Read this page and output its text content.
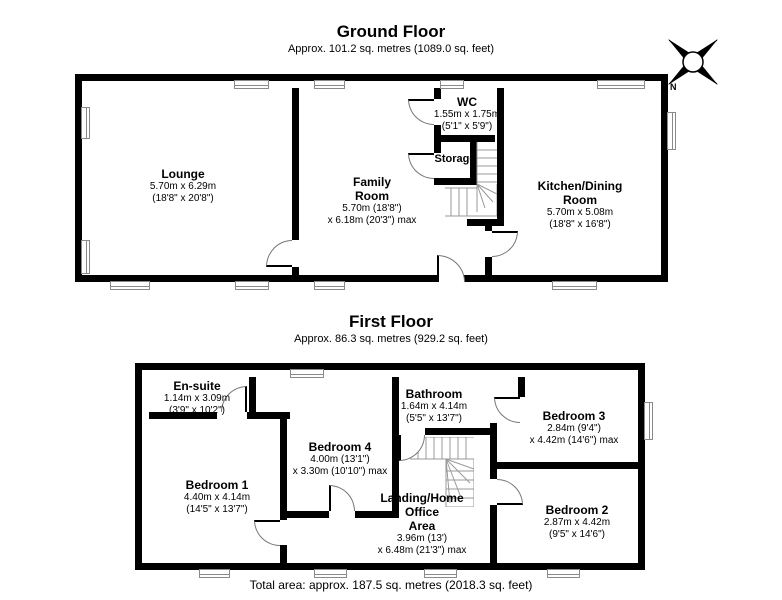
Ground Floor
Approx. 101.2 sq. metres (1089.0 sq. feet)
First Floor
Approx. 86.3 sq. metres (929.2 sq. feet)
N
Lounge
5.70m x 6.29m
(18'8" x 20'8")
Family
Room
5.70m (18'8")
x 6.18m (20'3") max
WC
1.55m x 1.75m
(5'1" x 5'9")
Storage
Kitchen/Dining
Room
5.70m x 5.08m
(18'8" x 16'8")
En-suite
1.14m x 3.09m
(3'9" x 10'2")
Bathroom
1.64m x 4.14m
(5'5" x 13'7")	Bedroom 3
2.84m (9'4")
x 4.42m (14'6") max
Bedroom 4
4.00m (13'1")
x 3.30m (10'10") max
Bedroom 1
4.40m x 4.14m
(14'5" x 13'7")
Landing/Home
Office
Area
3.96m (13')
x 6.48m (21'3") max
Bedroom 2
2.87m x 4.42m
(9'5" x 14'6")
Total area: approx. 187.5 sq. metres (2018.3 sq. feet)
